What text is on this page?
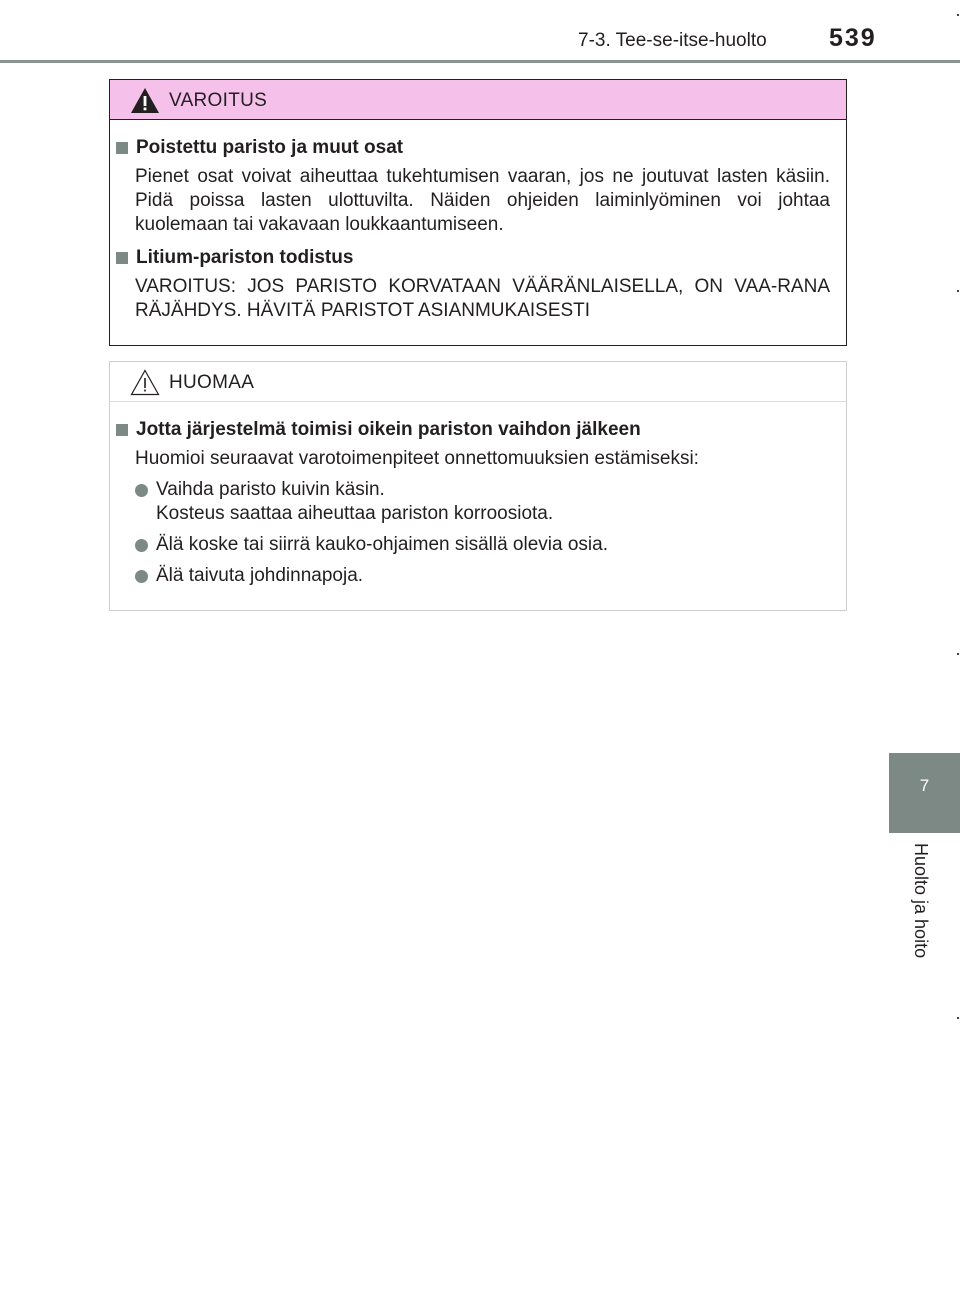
7-3. Tee-se-itse-huolto 539
7
Huolto ja hoito
VAROITUS
Poistettu paristo ja muut osat
Pienet osat voivat aiheuttaa tukehtumisen vaaran, jos ne joutuvat lasten käsiin. Pidä poissa lasten ulottuvilta. Näiden ohjeiden laiminlyöminen voi johtaa kuolemaan tai vakavaan loukkaantumiseen.
Litium-pariston todistus
VAROITUS: JOS PARISTO KORVATAAN VÄÄRÄNLAISELLA, ON VAA-RANA RÄJÄHDYS. HÄVITÄ PARISTOT ASIANMUKAISESTI
HUOMAA
Jotta järjestelmä toimisi oikein pariston vaihdon jälkeen
Huomioi seuraavat varotoimenpiteet onnettomuuksien estämiseksi:
Vaihda paristo kuivin käsin.
Kosteus saattaa aiheuttaa pariston korroosiota.
Älä koske tai siirrä kauko-ohjaimen sisällä olevia osia.
Älä taivuta johdinnapoja.
